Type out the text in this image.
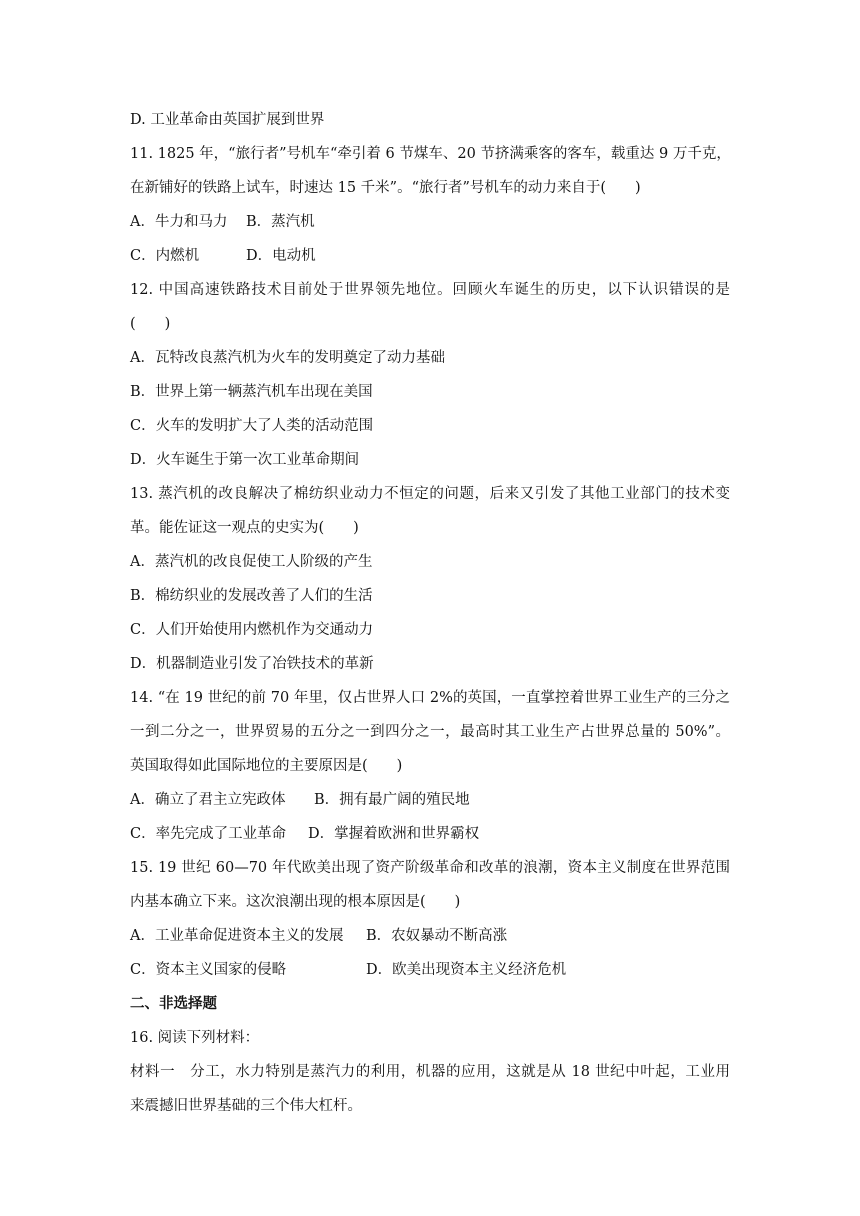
D. 工业革命由英国扩展到世界
11. 1825 年，“旅行者”号机车“牵引着 6 节煤车、20 节挤满乘客的客车，载重达 9 万千克，
在新铺好的铁路上试车，时速达 15 千米”。“旅行者”号机车的动力来自于(　　)
A．牛力和马力 B．蒸汽机
C．内燃机	D．电动机
12. 中国高速铁路技术目前处于世界领先地位。回顾火车诞生的历史，以下认识错误的是
(　　)
A．瓦特改良蒸汽机为火车的发明奠定了动力基础
B．世界上第一辆蒸汽机车出现在美国
C．火车的发明扩大了人类的活动范围
D．火车诞生于第一次工业革命期间
13. 蒸汽机的改良解决了棉纺织业动力不恒定的问题，后来又引发了其他工业部门的技术变
革。能佐证这一观点的史实为(　　)
A．蒸汽机的改良促使工人阶级的产生
B．棉纺织业的发展改善了人们的生活
C．人们开始使用内燃机作为交通动力
D．机器制造业引发了冶铁技术的革新
14. “在 19 世纪的前 70 年里，仅占世界人口 2%的英国，一直掌控着世界工业生产的三分之
一到二分之一，世界贸易的五分之一到四分之一，最高时其工业生产占世界总量的 50%”。
英国取得如此国际地位的主要原因是(　　)
A．确立了君主立宪政体 B．拥有最广阔的殖民地
C．率先完成了工业革命 D．掌握着欧洲和世界霸权
15. 19 世纪 60—70 年代欧美出现了资产阶级革命和改革的浪潮，资本主义制度在世界范围
内基本确立下来。这次浪潮出现的根本原因是(　　)
A．工业革命促进资本主义的发展 B．农奴暴动不断高涨
C．资本主义国家的侵略	D．欧美出现资本主义经济危机
二、非选择题
16. 阅读下列材料：
材料一　分工，水力特别是蒸汽力的利用，机器的应用，这就是从 18 世纪中叶起，工业用
来震撼旧世界基础的三个伟大杠杆。
